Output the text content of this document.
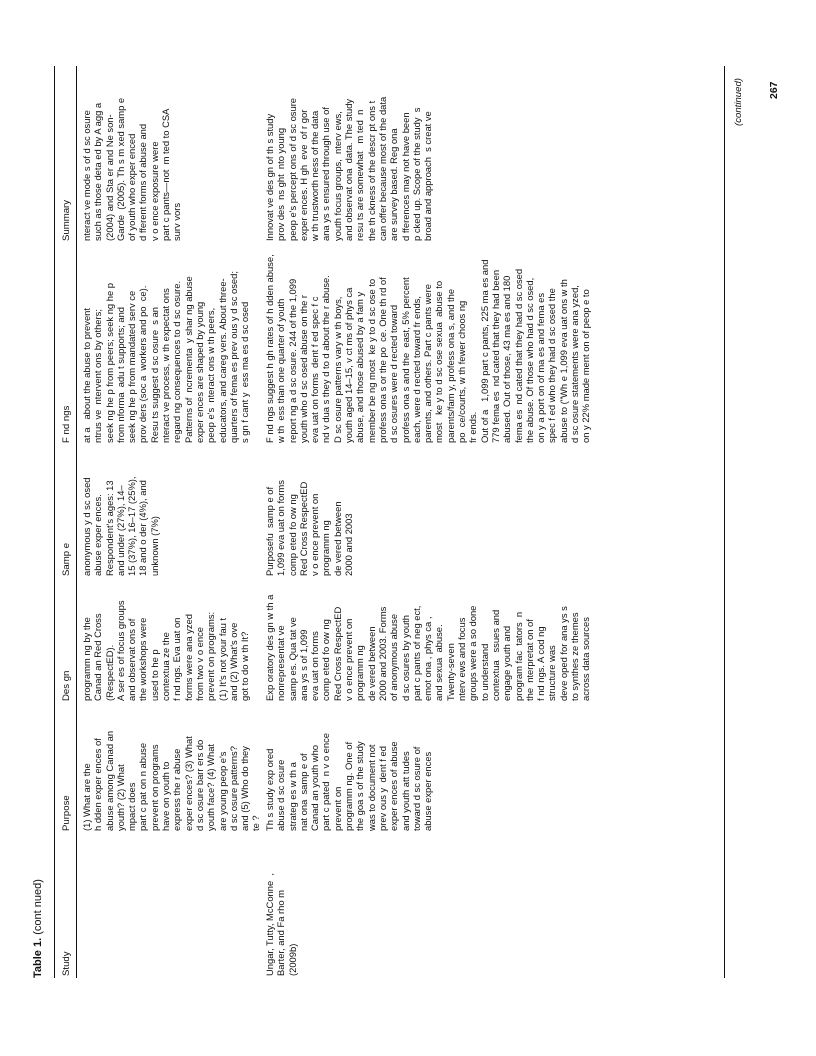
Table 1. (cont nued)
Study
Purpose
Des gn
Samp e
F nd ngs
Summary
(1) What are the
h dden exper ences of
abuse among Canad an
youth? (2) What
mpact does
part c pat on n abuse
prevent on programs
have on youth to
express the r abuse
exper ences? (3) What
d sc osure barr ers do
youth face? (4) What
are young peop e's
d sc osure patterns?
and (5) Who do they
te ?
programm ng by the
Canad an Red Cross
(RespectED).
A ser es of focus groups
and observat ons of
the workshops were
used to he p
contextua ze the
f nd ngs. Eva uat on
forms were ana yzed
from two v o ence
prevent on programs:
(1) It's not your fau t
and (2) What's ove
got to do w th It?
anonymous y d sc osed
abuse exper ences.
Respondent's ages: 13
and under (27%), 14–
15 (37%), 16–17 (25%),
18 and o der (4%), and
unknown (7%)
at a   about the abuse to prevent
ntrus ve  ntervent ons by others;
seek ng he p from peers; seek ng he p
from nforma  adu t supports; and
seek ng he p from mandated serv ce
prov ders (soc a  workers and po  ce).
Resu ts suggest d sc osure  s an
nteract ve process, w th expectat ons
regard ng consequences to d sc osure.
Patterns of  ncrementa  y shar ng abuse
exper ences are shaped by young
peop e's  nteract ons w th peers,
educators, and careg vers. About three-
quarters of fema es prev ous y d sc osed;
s gn f cant y  ess ma es d sc osed
nteract ve mode s of d sc osure
such as those deta ed by A agg a
(2004) and Sta er and Ne son-
Garde  (2005). Th s m xed samp e
of youth who exper enced
d fferent forms of abuse and
v o ence exposure were
part c pants—not  m ted to CSA
surv vors
Ungar, Tutty, McConne  ,
Barter, and Fa rho m
(2009b)
Th s study exp ored
abuse d sc osure
strateg es w th a
nat ona  samp e of
Canad an youth who
part c pated  n v o ence
prevent on
programm ng. One of
the goa s of the study
was to document not
prev ous y  dent f ed
exper ences of abuse
and youth att tudes
toward d sc osure of
abuse exper ences
Exp oratory des gn w th a
nonrepresentat ve
samp es. Qua tat ve
ana ys s of 1,099
eva uat on forms
comp eted fo ow ng
Red Cross RespectED
v o ence prevent on
programm ng
de vered between
2000 and 2003. Forms
of anonymous abuse
d sc osures by youth
part c pants of neg ect,
emot ona , phys ca ,
and sexua  abuse.
Twenty-seven
nterv ews and focus
groups were a so done
to understand
contextua   ssues and
engage youth and
program fac  tators  n
the  nterpretat on of
f nd ngs. A cod ng
structure was
deve oped for ana ys s
to synthes ze themes
across data sources
Purposefu  samp e of
1,099 eva uat on forms
comp eted fo ow ng
Red Cross RespectED
v o ence prevent on
programm ng
de vered between
2000 and 2003
F nd ngs suggest h gh rates of h dden abuse,
w th  ess than one quarter of youth
report ng a d sc osure. 244 of the 1,099
youth who d sc osed abuse on the r
eva uat on forms  dent f ed spec f c
nd v dua s they d to d about the r abuse.
D sc osure patterns vary w th boys,
youth aged 14–15, v ct ms of phys ca
abuse, and those abused by a fam y
member be ng most  ke y to d sc ose to
profess ona s or the po  ce. One th rd of
d sc osures were d rected toward
profess ona s and the  east, 5% percent
each, were d rected toward fr ends,
parents, and others. Part c pants were
most   ke y to d sc ose sexua  abuse to
parents/fam y, profess ona s, and the
po  ce/courts, w th fewer choos ng
fr ends.
Out of a   1,099 part c pants, 225 ma es and
779 fema es  nd cated that they had been
abused. Out of those, 43 ma es and 180
fema es  nd cated that they had d sc osed
the abuse. Of those who had d sc osed,
on y a port on of ma es and fema es
spec f ed who they had d sc osed the
abuse to ("Wh e 1,099 eva uat ons w th
d sc osure statements were ana yzed,
on y 22% made ment on of peop e to
Innovat ve des gn of th s study
prov des  ns ght  nto young
peop e's percept ons of d sc osure
exper ences. H gh  eve  of r gor
w th trustworth ness of the data
ana ys s ensured through use of
youth focus groups,  nterv ews,
and observat ona  data. The study
resu ts are somewhat   m ted  n
the th ckness of the descr pt ons t
can offer because most of the data
are survey based. Reg ona
d fferences may not have been
p cked up. Scope of the study  s
broad and approach  s creat ve	(continued) 267
